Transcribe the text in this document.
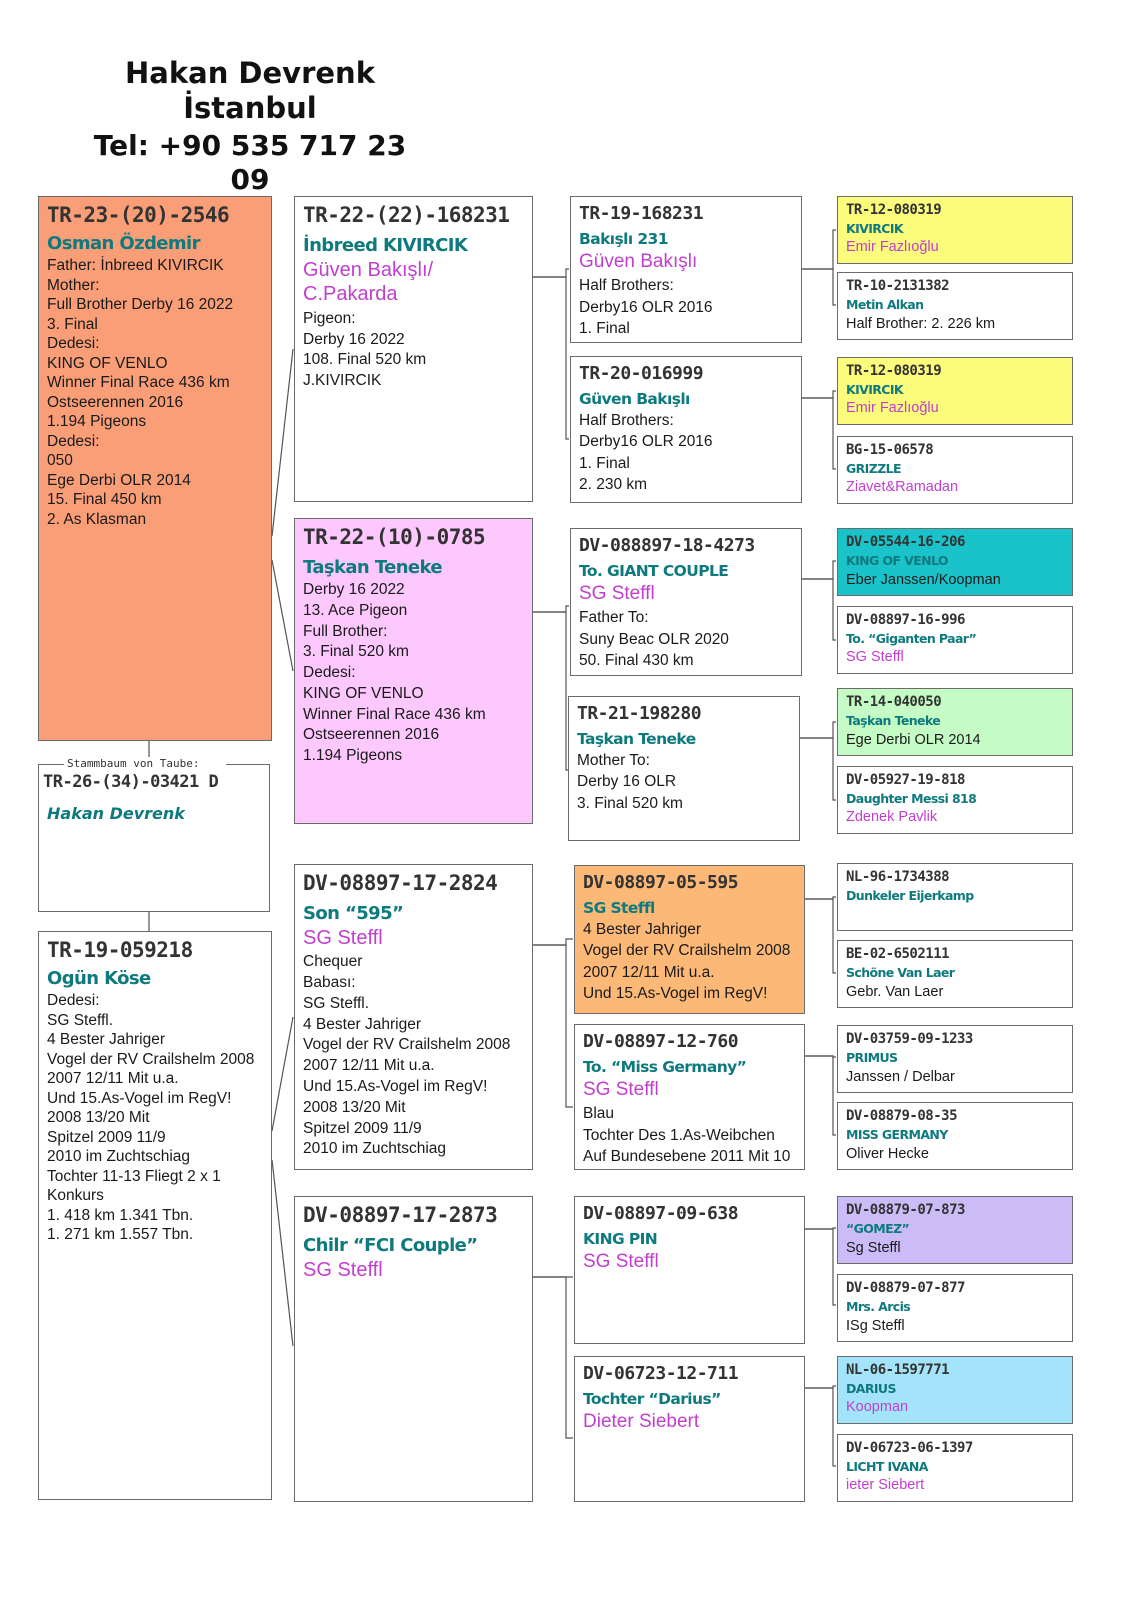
Hakan Devrenk
İstanbul
Tel: +90 535 717 23 09
TR-23-(20)-2546
Osman Özdemir
Father: İnbreed KIVIRCIK
Mother:
Full Brother Derby 16 2022
3. Final
Dedesi:
KING OF VENLO
Winner Final Race 436 km
Ostseerennen 2016
1.194 Pigeons
Dedesi:
050
Ege Derbi OLR 2014
15. Final 450 km
2. As Klasman
TR-19-059218
Ogün Köse
Dedesi:
SG Steffl.
4 Bester Jahriger
Vogel der RV Crailshelm 2008
2007 12/11 Mit u.a.
Und 15.As-Vogel im RegV!
2008 13/20 Mit
Spitzel 2009 11/9
2010 im Zuchtschiag
Tochter 11-13 Fliegt 2 x 1
Konkurs
1. 418 km 1.341 Tbn.
1. 271 km 1.557 Tbn.
Stammbaum von Taube:
TR-26-(34)-03421 D
Hakan Devrenk
TR-22-(22)-168231
İnbreed KIVIRCIK
Güven Bakışlı/
C.Pakarda
Pigeon:
Derby 16 2022
108. Final 520 km
J.KIVIRCIK
TR-22-(10)-0785
Taşkan Teneke
Derby 16 2022
13. Ace Pigeon
Full Brother:
3. Final 520 km
Dedesi:
KING OF VENLO
Winner Final Race 436 km
Ostseerennen 2016
1.194 Pigeons
DV-08897-17-2824
Son “595”
SG Steffl
Chequer
Babası:
SG Steffl.
4 Bester Jahriger
Vogel der RV Crailshelm 2008
2007 12/11 Mit u.a.
Und 15.As-Vogel im RegV!
2008 13/20 Mit
Spitzel 2009 11/9
2010 im Zuchtschiag
DV-08897-17-2873
Chilr “FCI Couple”
SG Steffl
TR-19-168231
Bakışlı 231
Güven Bakışlı
Half Brothers:
Derby16 OLR 2016
1. Final
TR-20-016999
Güven Bakışlı
Half Brothers:
Derby16 OLR 2016
1. Final
2. 230 km
DV-088897-18-4273
To. GIANT COUPLE
SG Steffl
Father To:
Suny Beac OLR 2020
50. Final 430 km
TR-21-198280
Taşkan Teneke
Mother To:
Derby 16 OLR
3. Final 520 km
DV-08897-05-595
SG Steffl
4 Bester Jahriger
Vogel der RV Crailshelm 2008
2007 12/11 Mit u.a.
Und 15.As-Vogel im RegV!
DV-08897-12-760
To. “Miss Germany”
SG Steffl
Blau
Tochter Des 1.As-Weibchen
Auf Bundesebene 2011 Mit 10
DV-08897-09-638
KING PIN
SG Steffl
DV-06723-12-711
Tochter “Darius”
Dieter Siebert
TR-12-080319
KIVIRCIK
Emir Fazlıoğlu
TR-10-2131382
Metin Alkan
Half Brother: 2. 226 km
TR-12-080319
KIVIRCIK
Emir Fazlıoğlu
BG-15-06578
GRIZZLE
Ziavet&Ramadan
DV-05544-16-206
KING OF VENLO
Eber Janssen/Koopman
DV-08897-16-996
To. “Giganten Paar”
SG Steffl
TR-14-040050
Taşkan Teneke
Ege Derbi OLR 2014
DV-05927-19-818
Daughter Messi 818
Zdenek Pavlik
NL-96-1734388
Dunkeler Eijerkamp
BE-02-6502111
Schöne Van Laer
Gebr. Van Laer
DV-03759-09-1233
PRIMUS
Janssen / Delbar
DV-08879-08-35
MISS GERMANY
Oliver Hecke
DV-08879-07-873
“GOMEZ”
Sg Steffl
DV-08879-07-877
Mrs. Arcis
ISg Steffl
NL-06-1597771
DARIUS
Koopman
DV-06723-06-1397
LICHT IVANA
ieter Siebert
